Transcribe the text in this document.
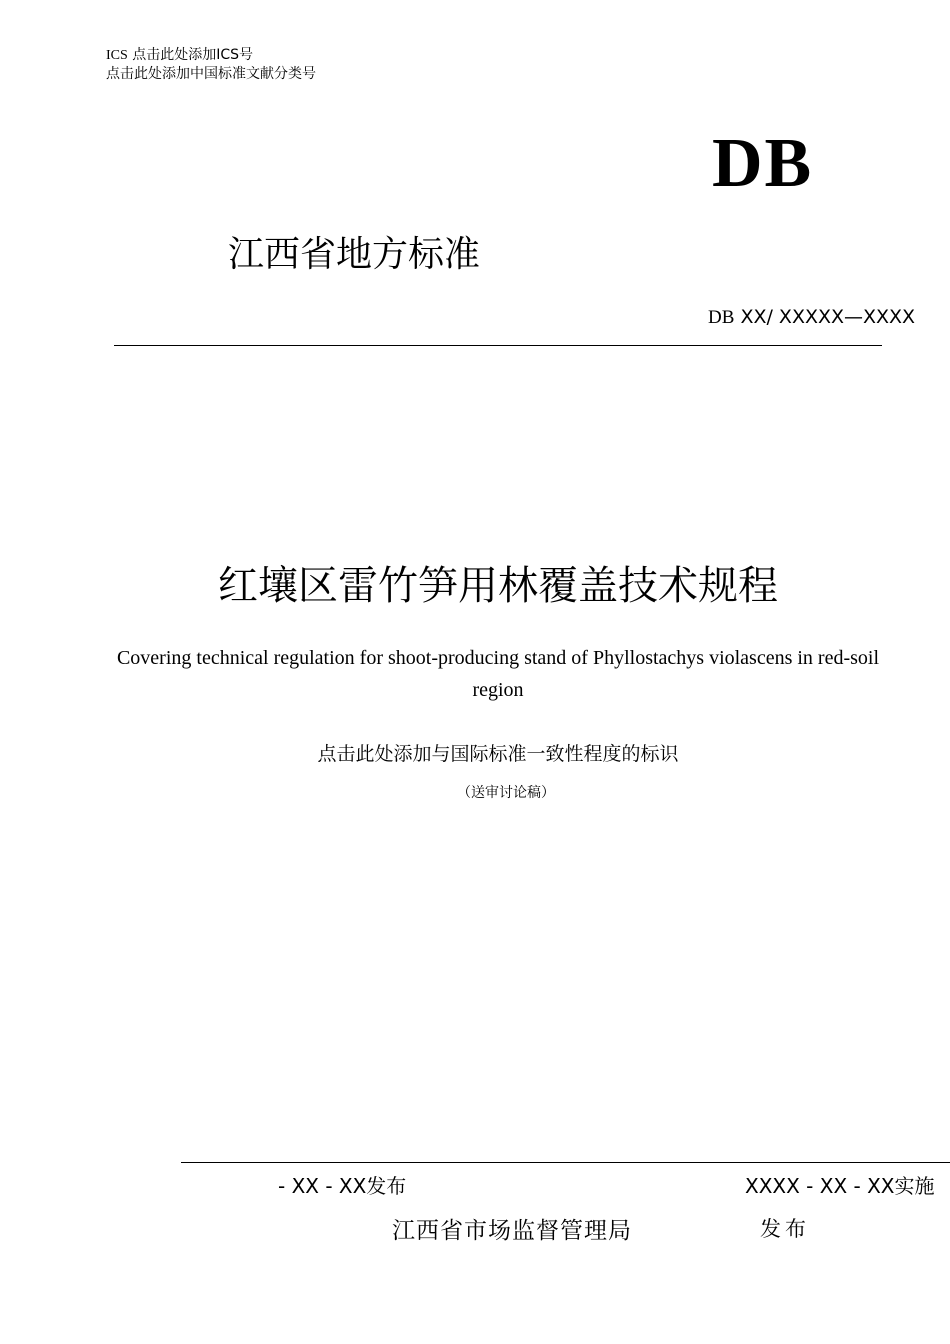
ICS 点击此处添加ICS号
点击此处添加中国标准文献分类号
DB
江西省地方标准
DB XX/ XXXXX—XXXX
红壤区雷竹笋用林覆盖技术规程
Covering technical regulation for shoot-producing stand of Phyllostachys violascens in red-soil region
点击此处添加与国际标准一致性程度的标识
（送审讨论稿）
- XX - XX发布	XXXX - XX - XX实施
江西省市场监督管理局	发布
